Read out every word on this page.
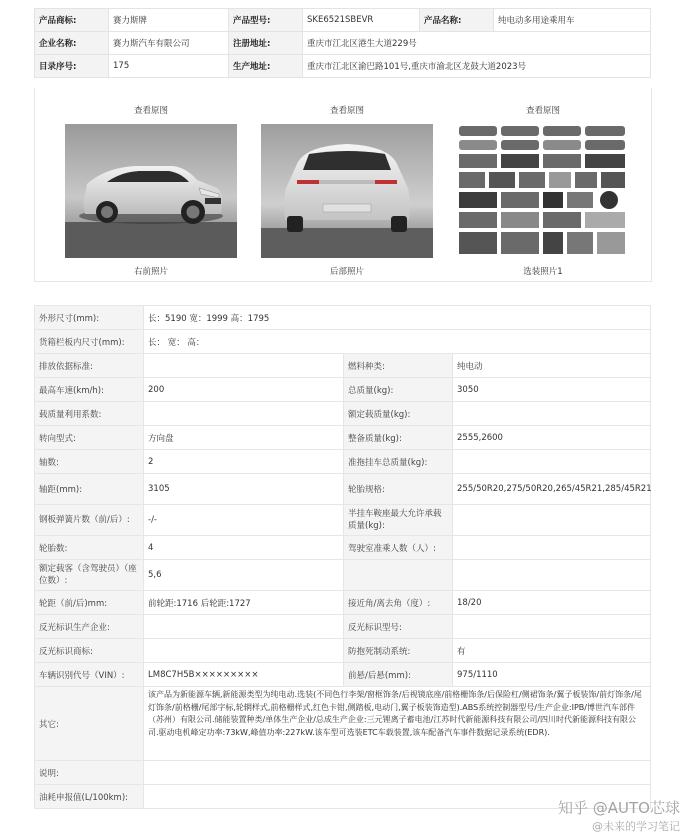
产品商标:	赛力斯牌	产品型号:	SKE6521SBEVR	产品名称:	纯电动多用途乘用车
企业名称:	赛力斯汽车有限公司	注册地址:	重庆市江北区港生大道229号		
目录序号:	175	生产地址:	重庆市江北区渝巴路101号,重庆市渝北区龙鼓大道2023号		
查看原图
右前照片
查看原图
后部照片
查看原图
选装照片1
外形尺寸(mm):	长：5190 宽：1999 高：1795		
货箱栏板内尺寸(mm):	长： 宽： 高：		
排放依据标准:		燃料种类:	纯电动
最高车速(km/h):	200	总质量(kg):	3050
载质量利用系数:		额定载质量(kg):	
转向型式:	方向盘	整备质量(kg):	2555,2600
轴数:	2	准拖挂车总质量(kg):	
轴距(mm):	3105	轮胎规格:	255/50R20,275/50R20,265/45R21,285/45R21
钢板弹簧片数（前/后）:	-/-	半挂车鞍座最大允许承载质量(kg):	
轮胎数:	4	驾驶室准乘人数（人）:	
额定载客（含驾驶员）（座位数）:	5,6		
轮距（前/后)mm:	前轮距:1716 后轮距:1727	接近角/离去角（度）:	18/20
反光标识生产企业:		反光标识型号:	
反光标识商标:		防抱死制动系统:	有
车辆识别代号（VIN）:	LM8C7H5B×××××××××	前悬/后悬(mm):	975/1110
其它:	该产品为新能源车辆,新能源类型为纯电动.选装(不同色行李架/窗框饰条/后视镜底座/前格栅饰条/后保险杠/侧裙饰条/翼子板装饰/前灯饰条/尾灯饰条/前格栅/尾部字标,轮辋样式,前格栅样式,红色卡钳,侧踏板,电动门,翼子板装饰造型).ABS系统控制器型号/生产企业:IPB/博世汽车部件（苏州）有限公司.储能装置种类/单体生产企业/总成生产企业:三元锂离子蓄电池/江苏时代新能源科技有限公司/四川时代新能源科技有限公司.驱动电机峰定功率:73kW,峰值功率:227kW.该车型可选装ETC车载装置,该车配备汽车事件数据记录系统(EDR).		
说明:			
油耗申报值(L/100km):			
知乎 @AUTO芯球
@未来的学习笔记
